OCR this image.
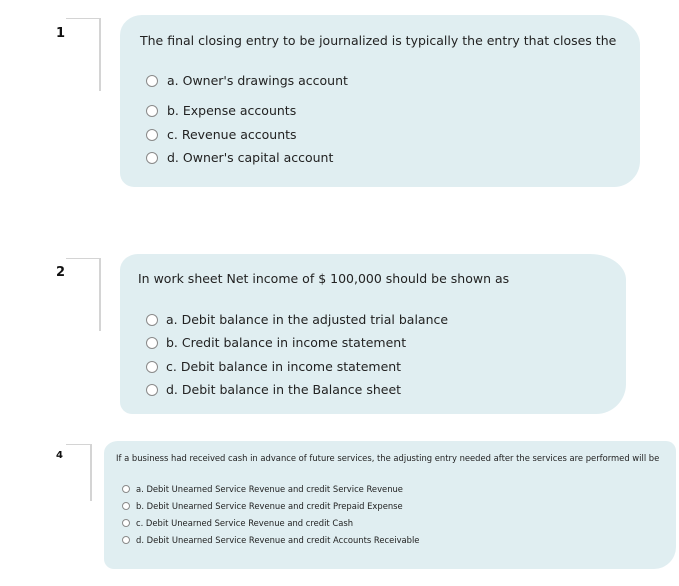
1	The final closing entry to be journalized is typically the entry that closes the
a. Owner's drawings account
b. Expense accounts
c. Revenue accounts
d. Owner's capital account
2	In work sheet Net income of $ 100,000 should be shown as
a. Debit balance in the adjusted trial balance
b. Credit balance in income statement
c. Debit balance in income statement
d. Debit balance in the Balance sheet
4	If a business had received cash in advance of future services, the adjusting entry needed after the services are performed will be
a. Debit Unearned Service Revenue and credit Service Revenue
b. Debit Unearned Service Revenue and credit Prepaid Expense
c. Debit Unearned Service Revenue and credit Cash
d. Debit Unearned Service Revenue and credit Accounts Receivable
